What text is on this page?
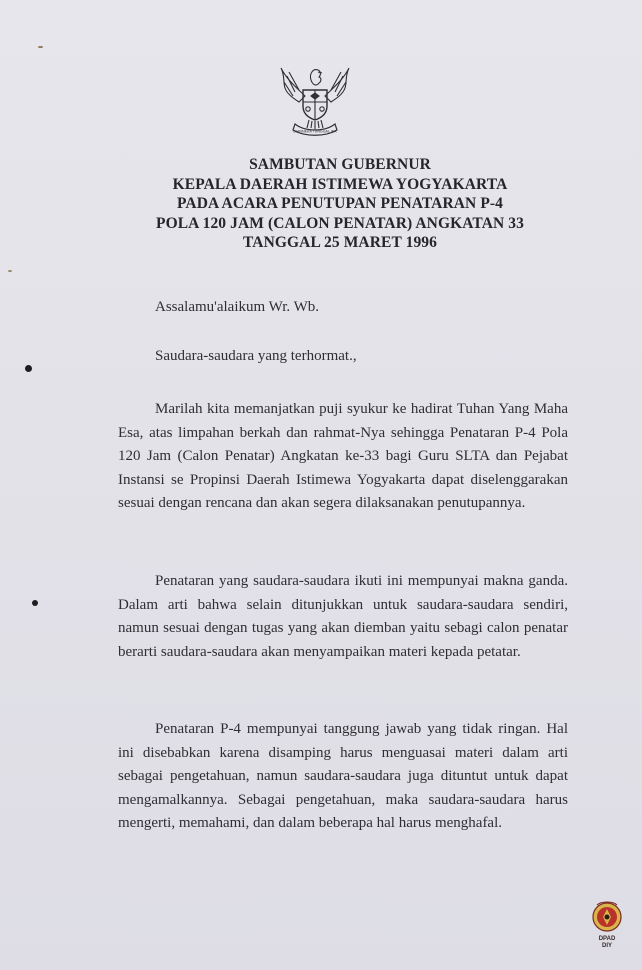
BHINNEKA TUNGGAL IKA
SAMBUTAN GUBERNUR
KEPALA DAERAH ISTIMEWA YOGYAKARTA
PADA ACARA PENUTUPAN PENATARAN P-4
POLA 120 JAM (CALON PENATAR) ANGKATAN 33
TANGGAL 25 MARET 1996
Assalamu'alaikum Wr. Wb.
Saudara-saudara yang terhormat.,
Marilah kita memanjatkan puji syukur ke hadirat Tuhan Yang Maha Esa, atas limpahan berkah dan rahmat-Nya sehingga Penataran P-4 Pola 120 Jam (Calon Penatar) Angkatan ke-33 bagi Guru SLTA dan Pejabat Instansi se Propinsi Daerah Istimewa Yogyakarta dapat diselenggarakan sesuai dengan rencana dan akan segera dilaksanakan penutupannya.
Penataran yang saudara-saudara ikuti ini mempunyai makna ganda. Dalam arti bahwa selain ditunjukkan untuk saudara-saudara sendiri, namun sesuai dengan tugas yang akan diemban yaitu sebagi calon penatar berarti saudara-saudara akan menyampaikan materi kepada petatar.
Penataran P-4 mempunyai tanggung jawab yang tidak ringan. Hal ini disebabkan karena disamping harus menguasai materi dalam arti sebagai pengetahuan, namun saudara-saudara juga dituntut untuk dapat mengamalkannya. Sebagai pengetahuan, maka saudara-saudara harus mengerti, memahami, dan dalam beberapa hal harus menghafal.
DPAD
DIY
